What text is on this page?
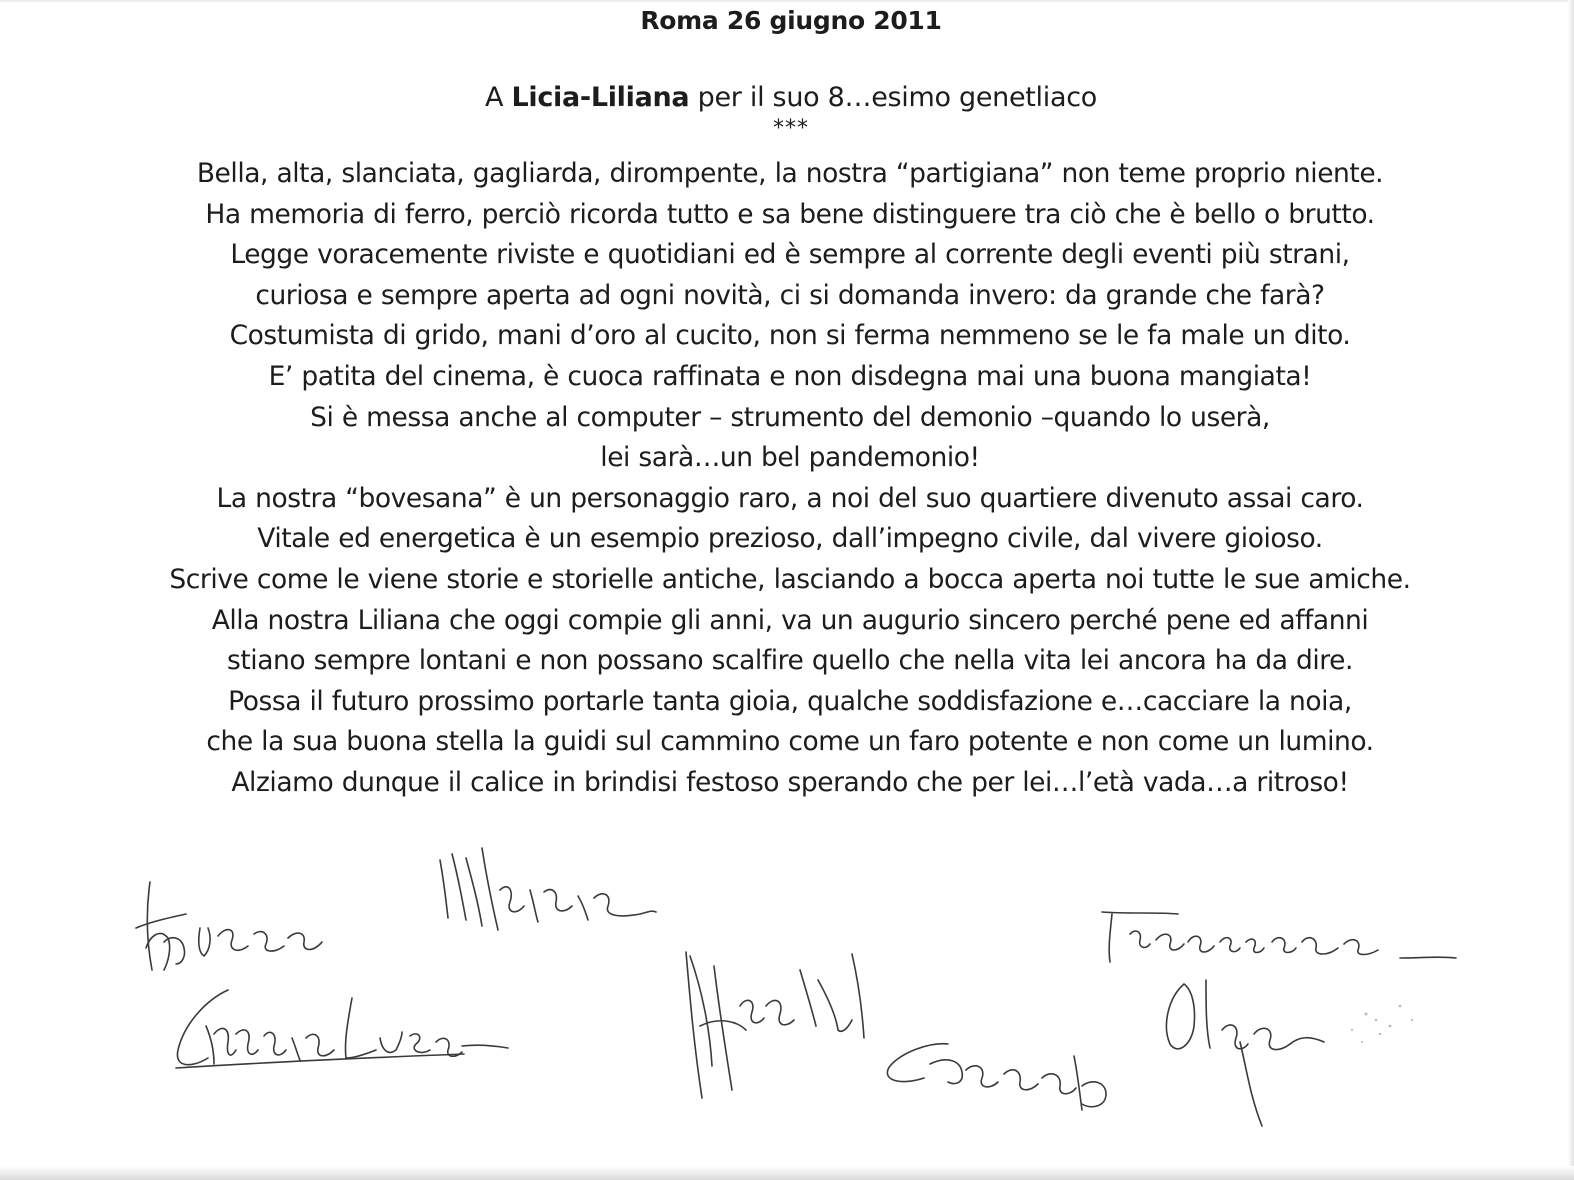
Roma 26 giugno 2011
A Licia-Liliana per il suo 8…esimo genetliaco
***
Bella, alta, slanciata, gagliarda, dirompente, la nostra “partigiana” non teme proprio niente.
Ha memoria di ferro, perciò ricorda tutto e sa bene distinguere tra ciò che è bello o brutto.
Legge voracemente riviste e quotidiani ed è sempre al corrente degli eventi più strani,
curiosa e sempre aperta ad ogni novità, ci si domanda invero: da grande che farà?
Costumista di grido, mani d’oro al cucito, non si ferma nemmeno se le fa male un dito.
E’ patita del cinema, è cuoca raffinata e non disdegna mai una buona mangiata!
Si è messa anche al computer – strumento del demonio –quando lo userà,
lei sarà…un bel pandemonio!
La nostra “bovesana” è un personaggio raro, a noi del suo quartiere divenuto assai caro.
Vitale ed energetica è un esempio prezioso, dall’impegno civile, dal vivere gioioso.
Scrive come le viene storie e storielle antiche, lasciando a bocca aperta noi tutte le sue amiche.
Alla nostra Liliana che oggi compie gli anni, va un augurio sincero perché pene ed affanni
stiano sempre lontani e non possano scalfire quello che nella vita lei ancora ha da dire.
Possa il futuro prossimo portarle tanta gioia, qualche soddisfazione e…cacciare la noia,
che la sua buona stella la guidi sul cammino come un faro potente e non come un lumino.
Alziamo dunque il calice in brindisi festoso sperando che per lei…l’età vada…a ritroso!
